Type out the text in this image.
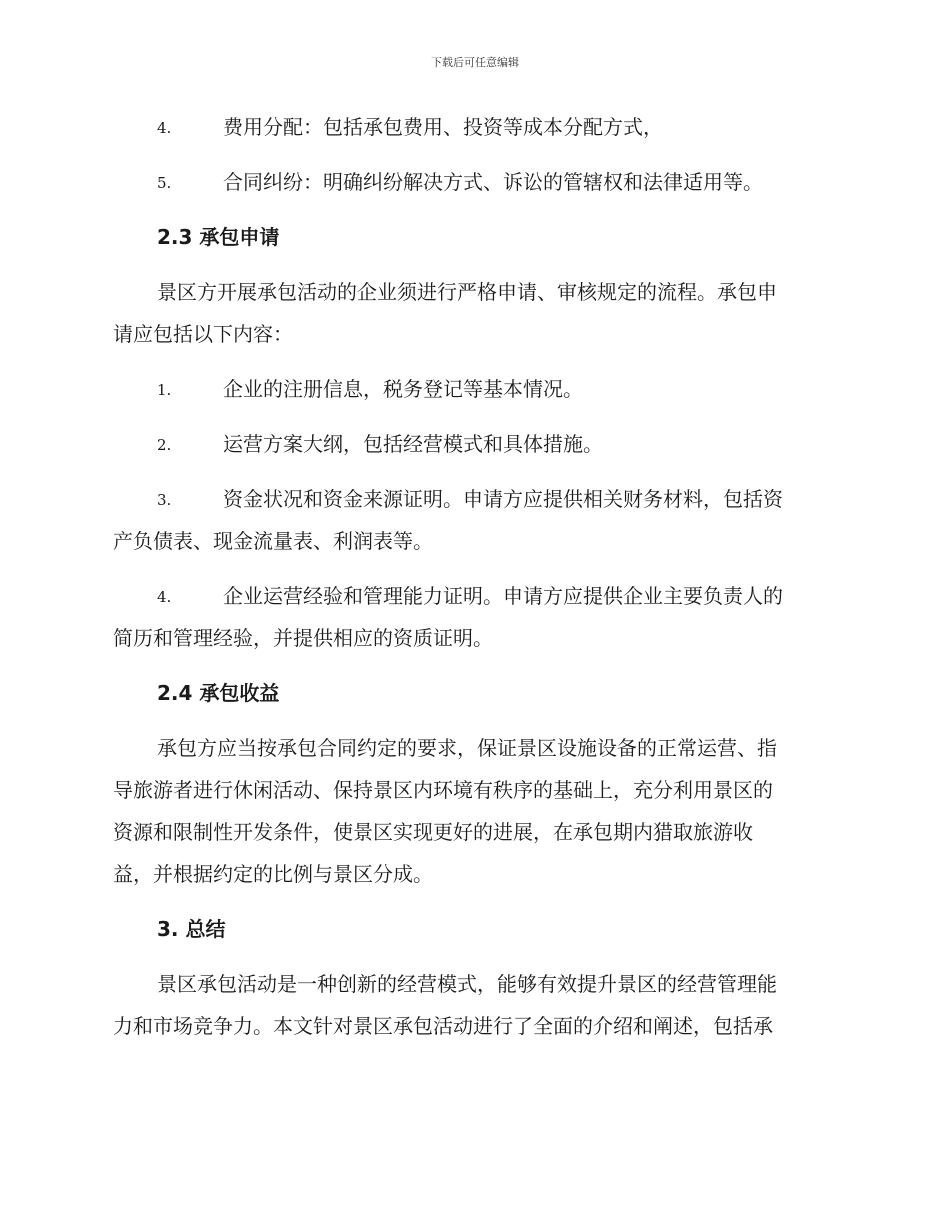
下载后可任意编辑
4.	费用分配：包括承包费用、投资等成本分配方式，
5.	合同纠纷：明确纠纷解决方式、诉讼的管辖权和法律适用等。
2.3 承包申请
景区方开展承包活动的企业须进行严格申请、审核规定的流程。承包申
请应包括以下内容：
1.	企业的注册信息，税务登记等基本情况。
2.	运营方案大纲，包括经营模式和具体措施。
3.	资金状况和资金来源证明。申请方应提供相关财务材料，包括资
产负债表、现金流量表、利润表等。
4.	企业运营经验和管理能力证明。申请方应提供企业主要负责人的
简历和管理经验，并提供相应的资质证明。
2.4 承包收益
承包方应当按承包合同约定的要求，保证景区设施设备的正常运营、指
导旅游者进行休闲活动、保持景区内环境有秩序的基础上，充分利用景区的
资源和限制性开发条件，使景区实现更好的进展，在承包期内猎取旅游收
益，并根据约定的比例与景区分成。
3. 总结
景区承包活动是一种创新的经营模式，能够有效提升景区的经营管理能
力和市场竞争力。本文针对景区承包活动进行了全面的介绍和阐述，包括承
